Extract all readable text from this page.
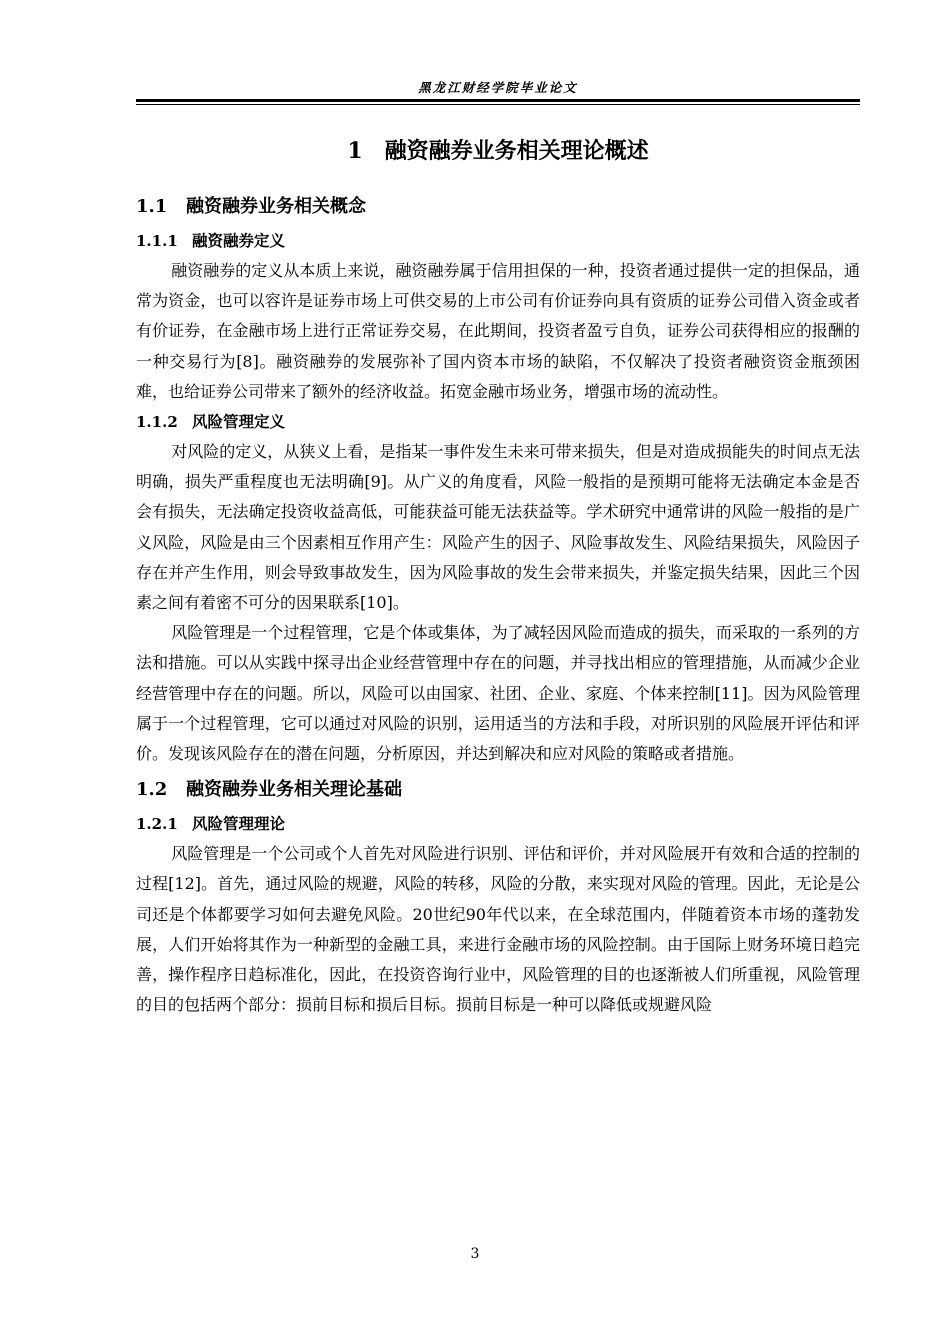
黑龙江财经学院毕业论文
1 融资融券业务相关理论概述
1.1 融资融券业务相关概念
1.1.1 融资融券定义

融资融券的定义从本质上来说，融资融券属于信用担保的一种，投资者通过提供一定的担保品，通常为资金，也可以容许是证券市场上可供交易的上市公司有价证券向具有资质的证券公司借入资金或者有价证券，在金融市场上进行正常证券交易，在此期间，投资者盈亏自负，证券公司获得相应的报酬的一种交易行为[8]。融资融券的发展弥补了国内资本市场的缺陷，不仅解决了投资者融资资金瓶颈困难，也给证券公司带来了额外的经济收益。拓宽金融市场业务，增强市场的流动性。

1.1.2 风险管理定义

对风险的定义，从狭义上看，是指某一事件发生未来可带来损失，但是对造成损能失的时间点无法明确，损失严重程度也无法明确[9]。从广义的角度看，风险一般指的是预期可能将无法确定本金是否会有损失，无法确定投资收益高低，可能获益可能无法获益等。学术研究中通常讲的风险一般指的是广义风险，风险是由三个因素相互作用产生：风险产生的因子、风险事故发生、风险结果损失，风险因子存在并产生作用，则会导致事故发生，因为风险事故的发生会带来损失，并鉴定损失结果，因此三个因素之间有着密不可分的因果联系[10]。

风险管理是一个过程管理，它是个体或集体，为了减轻因风险而造成的损失，而采取的一系列的方法和措施。可以从实践中探寻出企业经营管理中存在的问题，并寻找出相应的管理措施，从而减少企业经营管理中存在的问题。所以，风险可以由国家、社团、企业、家庭、个体来控制[11]。因为风险管理属于一个过程管理，它可以通过对风险的识别，运用适当的方法和手段，对所识别的风险展开评估和评价。发现该风险存在的潜在问题，分析原因，并达到解决和应对风险的策略或者措施。

1.2 融资融券业务相关理论基础
1.2.1 风险管理理论

风险管理是一个公司或个人首先对风险进行识别、评估和评价，并对风险展开有效和合适的控制的过程[12]。首先，通过风险的规避，风险的转移，风险的分散，来实现对风险的管理。因此，无论是公司还是个体都要学习如何去避免风险。20世纪90年代以来，在全球范围内，伴随着资本市场的蓬勃发展，人们开始将其作为一种新型的金融工具，来进行金融市场的风险控制。由于国际上财务环境日趋完善，操作程序日趋标准化，因此，在投资咨询行业中，风险管理的目的也逐渐被人们所重视，风险管理的目的包括两个部分：损前目标和损后目标。损前目标是一种可以降低或规避风险

3
